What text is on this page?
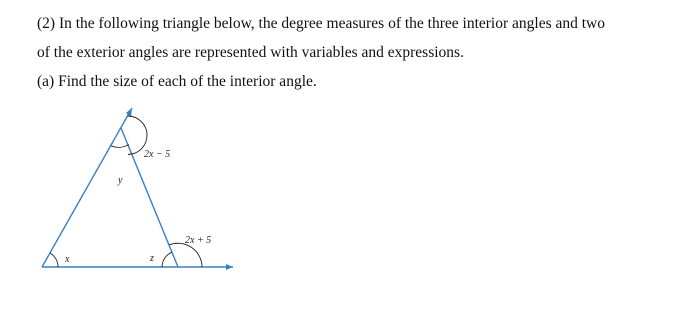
(2) In the following triangle below, the degree measures of the three interior angles and two
of the exterior angles are represented with variables and expressions.
(a) Find the size of each of the interior angle.
2x − 5
y
x	z
2x + 5
